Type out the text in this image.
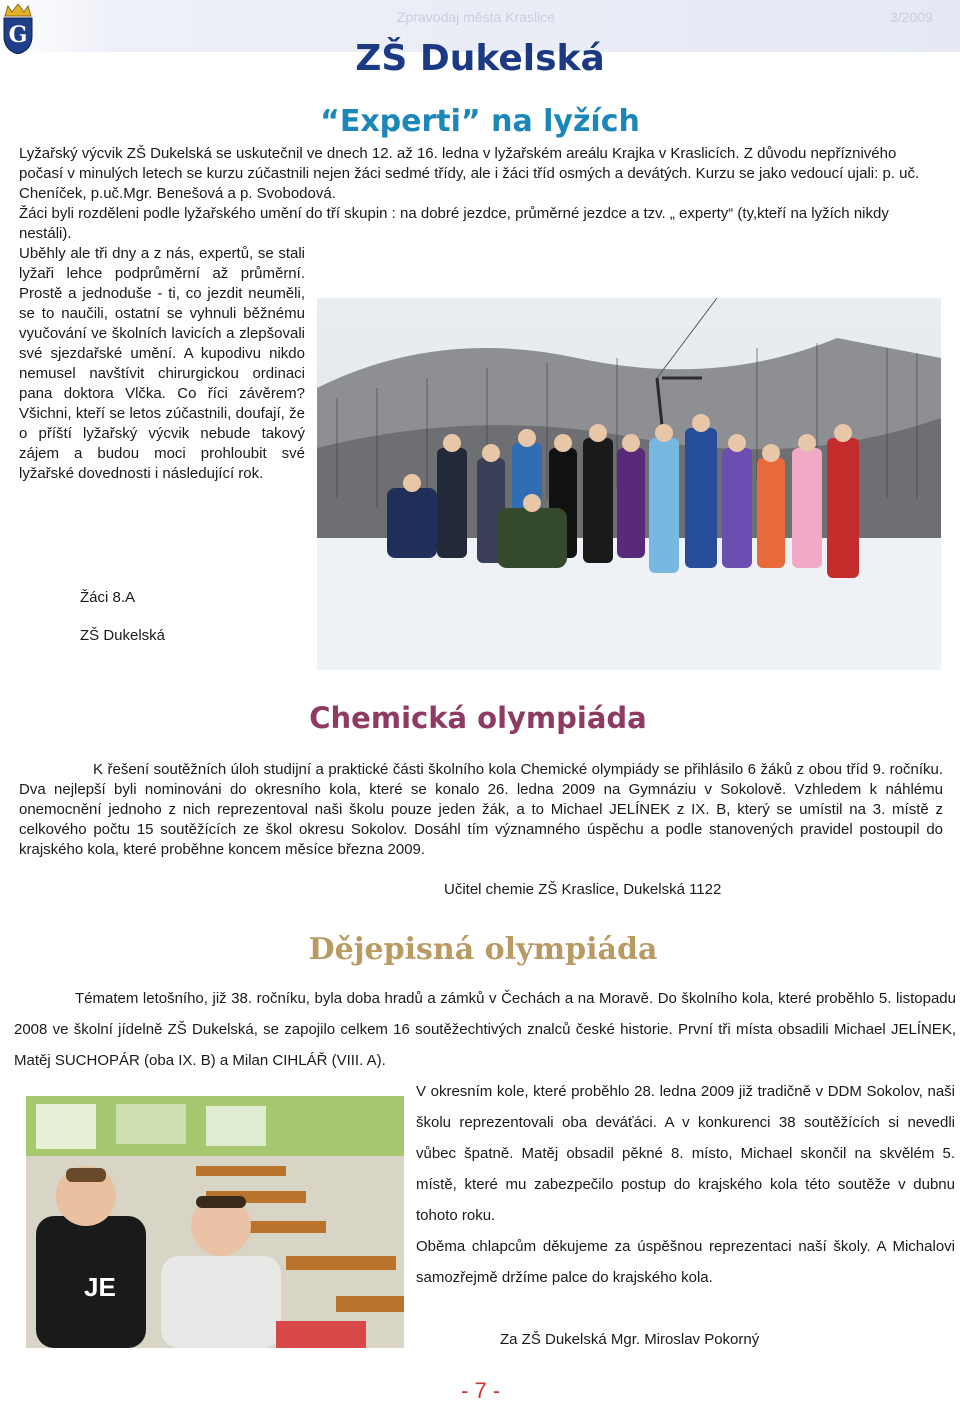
G
Zpravodaj města Kraslice	3/2009
ZŠ Dukelská
“Experti” na lyžích

Lyžařský výcvik ZŠ Dukelská se uskutečnil ve dnech 12. až 16. ledna v lyžařském areálu Krajka v Kraslicích. Z důvodu nepříznivého počasí v minulých letech se kurzu zúčastnili nejen žáci sedmé třídy, ale i žáci tříd osmých a devátých. Kurzu se jako vedoucí ujali: p. uč. Cheníček, p.uč.Mgr. Benešová a p. Svobodová.

Žáci byli rozděleni podle lyžařského umění do tří skupin : na dobré jezdce, průměrné jezdce a tzv. „ experty“ (ty,kteří na lyžích nikdy nestáli).

Uběhly ale tři dny a z nás, expertů, se stali lyžaři lehce podprůměrní až průměrní. Prostě a jednoduše - ti, co jezdit neuměli, se to naučili, ostatní se vyhnuli běžnému vyučování ve školních lavicích a zlepšovali své sjezdařské umění. A kupodivu nikdo nemusel navštívit chirurgickou ordinaci pana doktora Vlčka. Co říci závěrem? Všichni, kteří se letos zúčastnili, doufají, že o příští lyžařský výcvik nebude takový zájem a budou moci prohloubit své lyžařské dovednosti i následující rok.

Žáci 8.A
ZŠ Dukelská
Chemická olympiáda

K řešení soutěžních úloh studijní a praktické části školního kola Chemické olympiády se přihlásilo 6 žáků z obou tříd 9. ročníku. Dva nejlepší byli nominováni do okresního kola, které se konalo 26. ledna 2009 na Gymnáziu v Sokolově. Vzhledem k náhlému onemocnění jednoho z nich reprezentoval naši školu pouze jeden žák, a to Michael JELÍNEK z IX. B, který se umístil na 3. místě z celkového počtu 15 soutěžících ze škol okresu Sokolov. Dosáhl tím významného úspěchu a podle stanovených pravidel postoupil do krajského kola, které proběhne koncem měsíce března 2009.

Učitel chemie ZŠ Kraslice, Dukelská 1122
Dějepisná olympiáda

Tématem letošního, již 38. ročníku, byla doba hradů a zámků v Čechách a na Moravě. Do školního kola, které proběhlo 5. listopadu 2008 ve školní jídelně ZŠ Dukelská, se zapojilo celkem 16 soutěžechtivých znalců české historie. První tři místa obsadili Michael JELÍNEK, Matěj SUCHOPÁR (oba IX. B) a Milan CIHLÁŘ (VIII. A).

V okresním kole, které proběhlo 28. ledna 2009 již tradičně v DDM Sokolov, naši školu reprezentovali oba deváťáci. A v konkurenci 38 soutěžících si nevedli vůbec špatně. Matěj obsadil pěkné 8. místo, Michael skončil na skvělém 5. místě, které mu zabezpečilo postup do krajského kola této soutěže v dubnu tohoto roku.

Oběma chlapcům děkujeme za úspěšnou reprezentaci naší školy. A Michalovi samozřejmě držíme palce do krajského kola.

JE
Za ZŠ Dukelská Mgr. Miroslav Pokorný
- 7 -
